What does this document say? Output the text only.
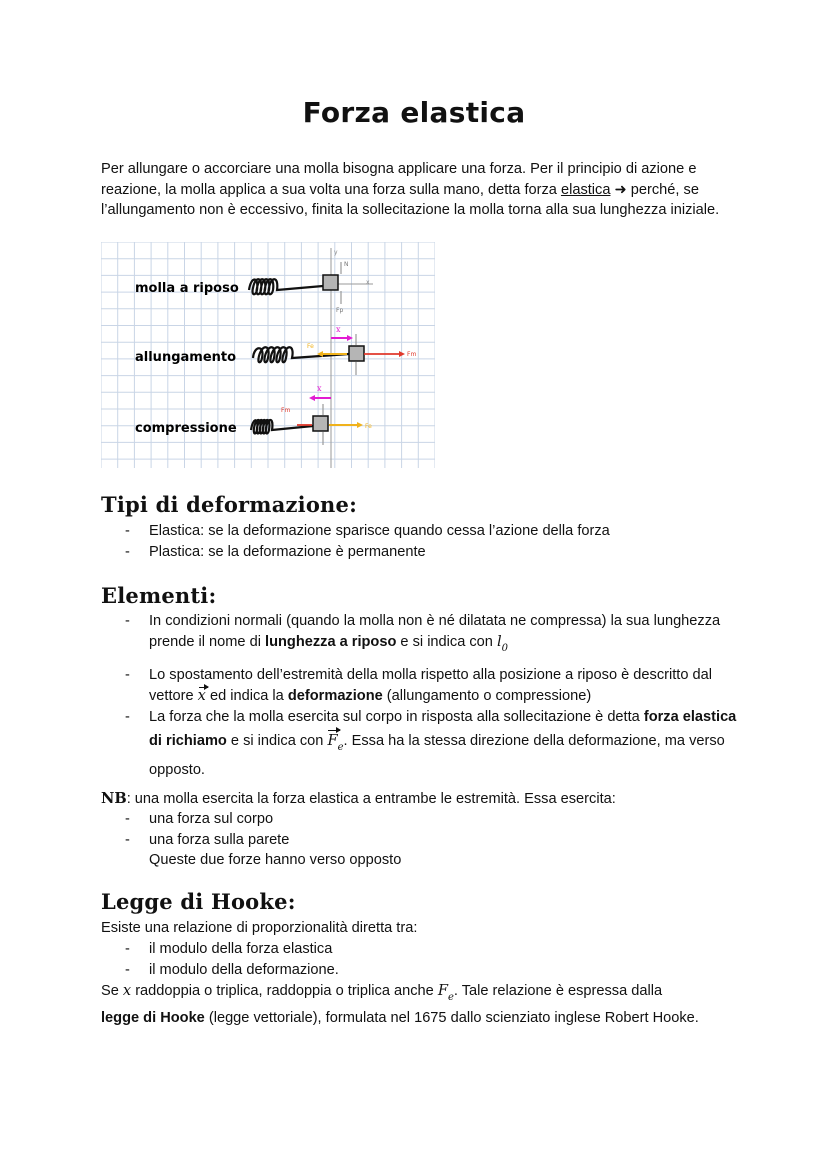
Forza elastica
Per allungare o accorciare una molla bisogna applicare una forza. Per il principio di azione e reazione, la molla applica a sua volta una forza sulla mano, detta forza elastica ➜ perché, se l’allungamento non è eccessivo, finita la sollecitazione la molla torna alla sua lunghezza iniziale.
y
x
molla a riposo
N
Fp
allungamento
Fe
Fm
x
compressione	Fe
Fm
x
Tipi di deformazione:
- Elastica: se la deformazione sparisce quando cessa l’azione della forza
- Plastica: se la deformazione è permanente
Elementi:
- In condizioni normali (quando la molla non è né dilatata ne compressa) la sua lunghezza prende il nome di lunghezza a riposo e si indica con $l_0$
- Lo spostamento dell’estremità della molla rispetto alla posizione a riposo è descritto dal vettore x ed indica la deformazione (allungamento o compressione)
- La forza che la molla esercita sul corpo in risposta alla sollecitazione è detta forza elastica di richiamo e si indica con $F_e$. Essa ha la stessa direzione della deformazione, ma verso opposto.
NB: una molla esercita la forza elastica a entrambe le estremità. Essa esercita:
- una forza sul corpo
- una forza sulla parete
Queste due forze hanno verso opposto
Legge di Hooke:
Esiste una relazione di proporzionalità diretta tra:
- il modulo della forza elastica
- il modulo della deformazione.
Se x raddoppia o triplica, raddoppia o triplica anche $F_e$. Tale relazione è espressa dalla
legge di Hooke (legge vettoriale), formulata nel 1675 dallo scienziato inglese Robert Hooke.
